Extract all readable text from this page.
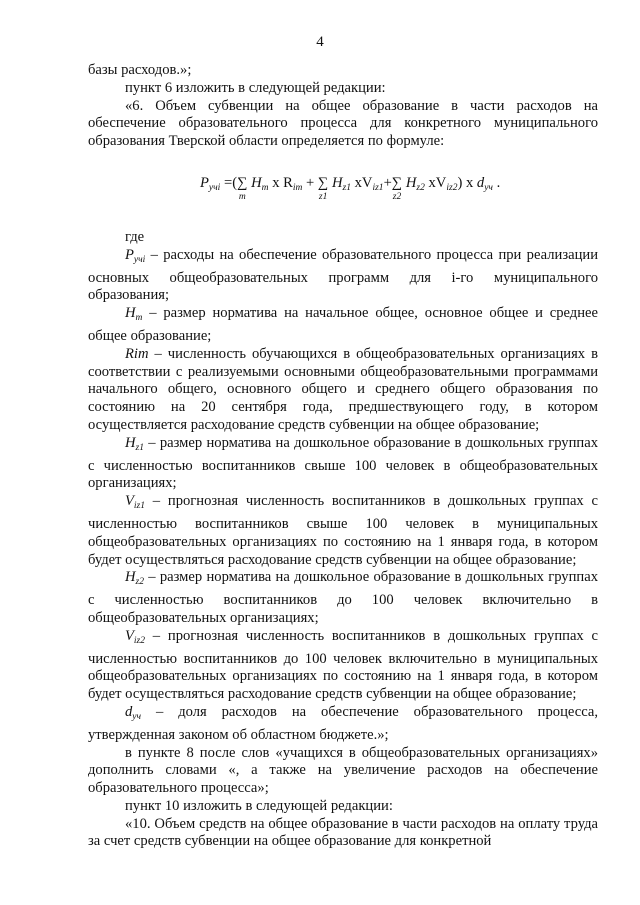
4

базы расходов.»;

пункт 6 изложить в следующей редакции:

«6. Объем субвенции на общее образование в части расходов на обеспечение образовательного процесса для конкретного муниципального образования Тверской области определяется по формуле:

$P_{учi}$ =(∑
m
$H_m$ x $R_{im}$ + ∑
z1
$H_{z1}$ $xV_{iz1}+\sum$
z2
$H_{z2}$ $xV_{iz2}$) x $d_{уч}$ .

где

$P_{учi}$ – расходы на обеспечение образовательного процесса при реализации основных общеобразовательных программ для i-го муниципального образования;

$H_m$ – размер норматива на начальное общее, основное общее и среднее общее образование;

Rim – численность обучающихся в общеобразовательных организациях в соответствии с реализуемыми основными общеобразовательными программами начального общего, основного общего и среднего общего образования по состоянию на 20 сентября года, предшествующего году, в котором осуществляется расходование средств субвенции на общее образование;

$H_{z1}$ – размер норматива на дошкольное образование в дошкольных группах с численностью воспитанников свыше 100 человек в общеобразовательных организациях;

$V_{iz1}$ – прогнозная численность воспитанников в дошкольных группах с численностью воспитанников свыше 100 человек в муниципальных общеобразовательных организациях по состоянию на 1 января года, в котором будет осуществляться расходование средств субвенции на общее образование;

$H_{z2}$ – размер норматива на дошкольное образование в дошкольных группах с численностью воспитанников до 100 человек включительно в общеобразовательных организациях;

$V_{iz2}$ – прогнозная численность воспитанников в дошкольных группах с численностью воспитанников до 100 человек включительно в муниципальных общеобразовательных организациях по состоянию на 1 января года, в котором будет осуществляться расходование средств субвенции на общее образование;

$d_{уч}$ – доля расходов на обеспечение образовательного процесса, утвержденная законом об областном бюджете.»;

в пункте 8 после слов «учащихся в общеобразовательных организациях» дополнить словами «, а также на увеличение расходов на обеспечение образовательного процесса»;

пункт 10 изложить в следующей редакции:

«10. Объем средств на общее образование в части расходов на оплату труда за счет средств субвенции на общее образование для конкретной
